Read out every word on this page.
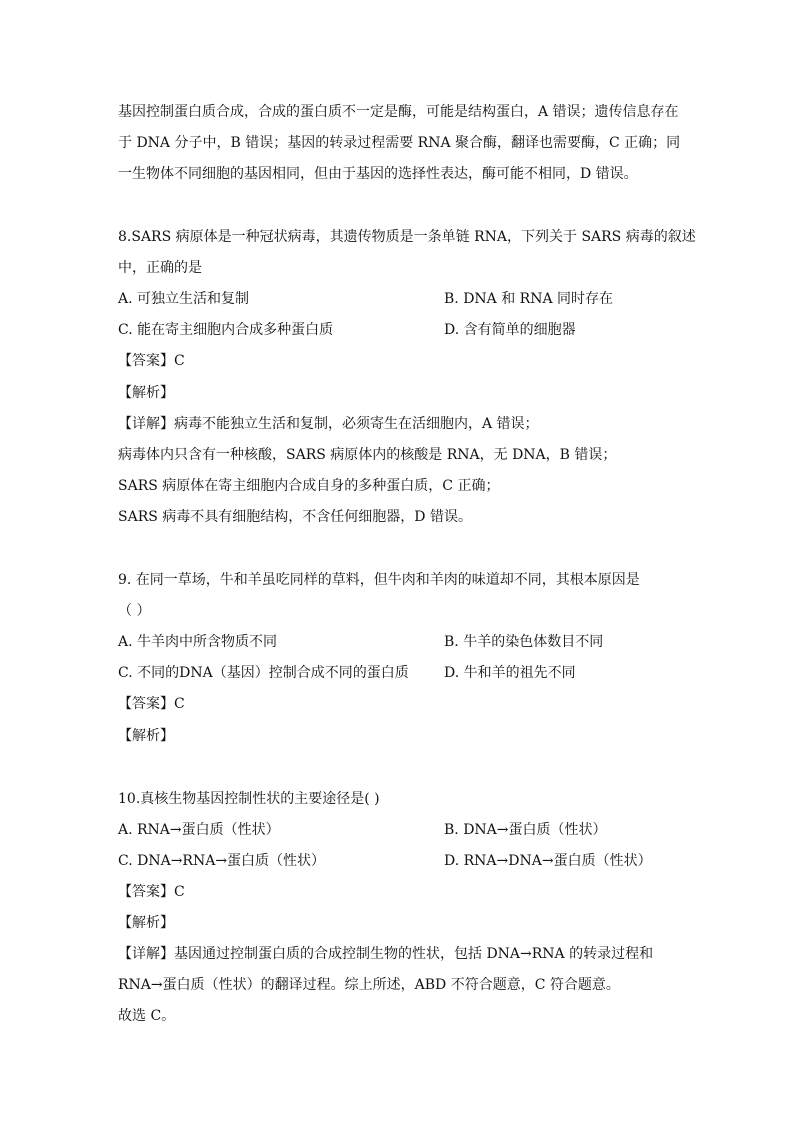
基因控制蛋白质合成，合成的蛋白质不一定是酶，可能是结构蛋白，A 错误；遗传信息存在
于 DNA 分子中，B 错误；基因的转录过程需要 RNA 聚合酶，翻译也需要酶，C 正确；同
一生物体不同细胞的基因相同，但由于基因的选择性表达，酶可能不相同，D 错误。
8.SARS 病原体是一种冠状病毒，其遗传物质是一条单链 RNA，下列关于 SARS 病毒的叙述
中，正确的是
A. 可独立生活和复制	B. DNA 和 RNA 同时存在
C. 能在寄主细胞内合成多种蛋白质	D. 含有简单的细胞器
【答案】C
【解析】
【详解】病毒不能独立生活和复制，必须寄生在活细胞内，A 错误；
病毒体内只含有一种核酸，SARS 病原体内的核酸是 RNA，无 DNA，B 错误；
SARS 病原体在寄主细胞内合成自身的多种蛋白质，C 正确；
SARS 病毒不具有细胞结构，不含任何细胞器，D 错误。
9. 在同一草场，牛和羊虽吃同样的草料，但牛肉和羊肉的味道却不同，其根本原因是
（ ）
A. 牛羊肉中所含物质不同	B. 牛羊的染色体数目不同
C. 不同的DNA（基因）控制合成不同的蛋白质	D. 牛和羊的祖先不同
【答案】C
【解析】
10.真核生物基因控制性状的主要途径是( )
A. RNA→蛋白质（性状）	B. DNA→蛋白质（性状）
C. DNA→RNA→蛋白质（性状）	D. RNA→DNA→蛋白质（性状）
【答案】C
【解析】
【详解】基因通过控制蛋白质的合成控制生物的性状，包括 DNA→RNA 的转录过程和
RNA→蛋白质（性状）的翻译过程。综上所述，ABD 不符合题意，C 符合题意。
故选 C。
